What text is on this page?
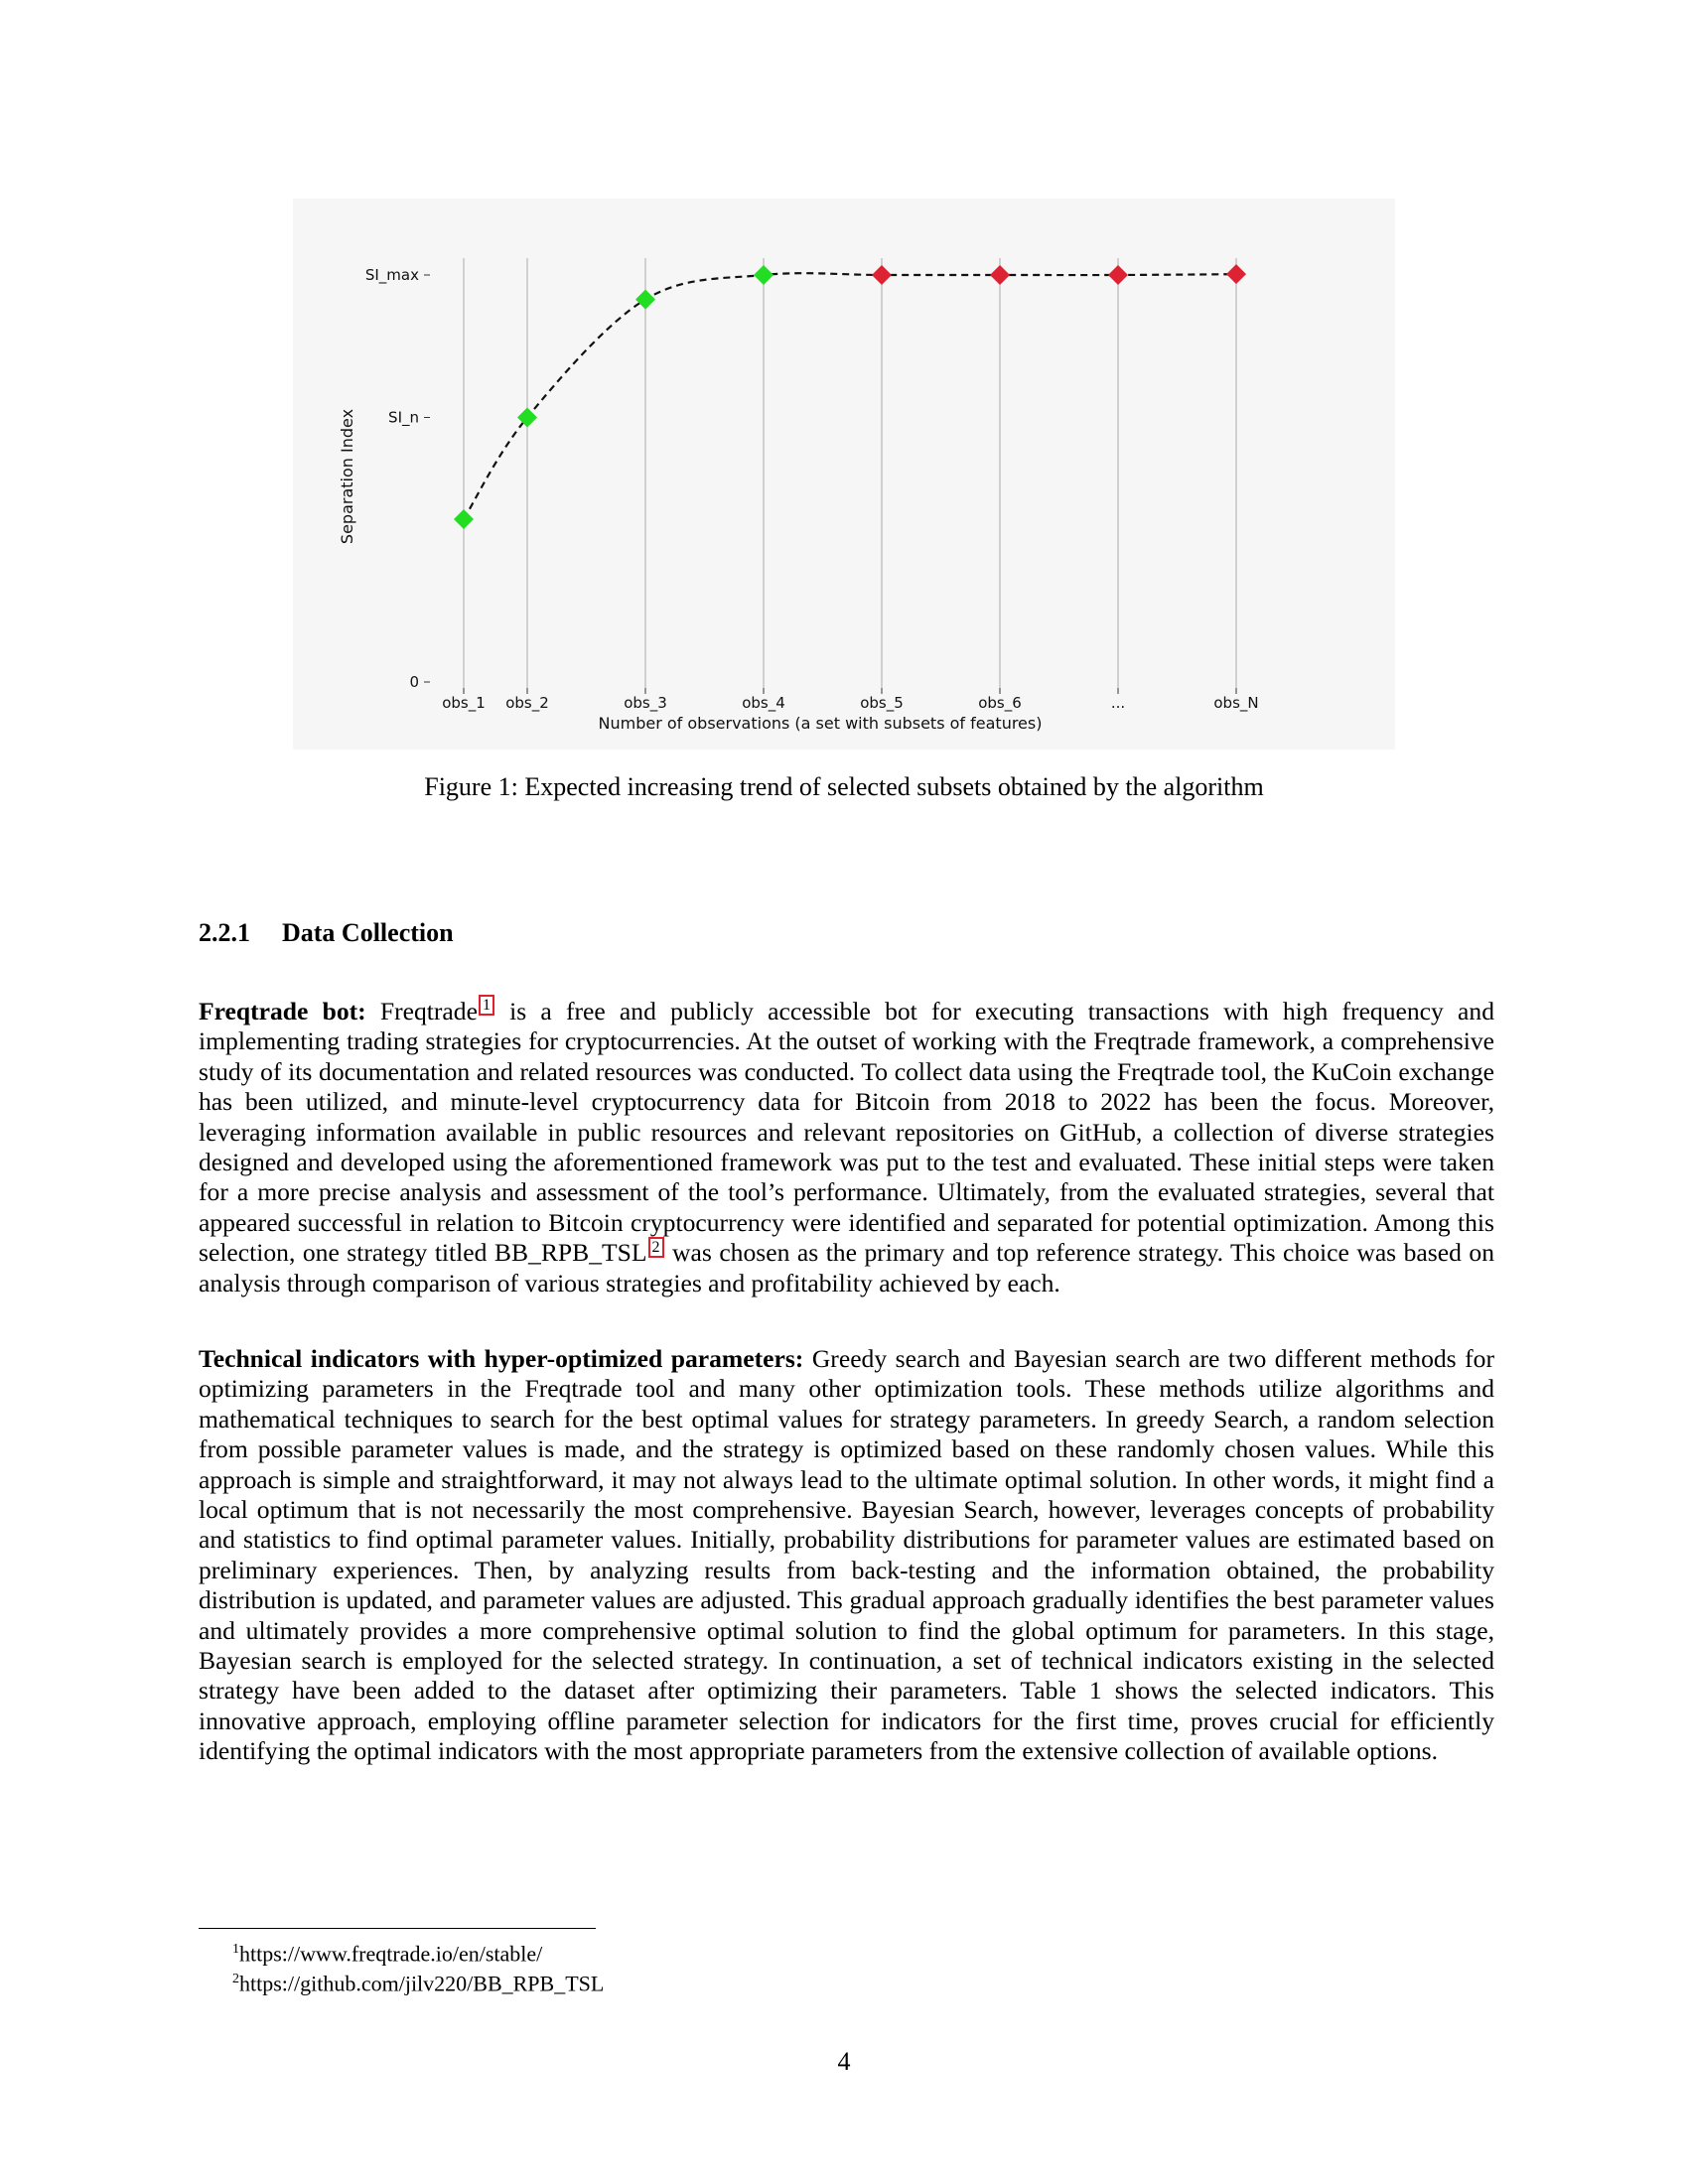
0
SI_n
SI_max
obs_1 obs_2	obs_3	obs_4	obs_5	obs_6	...	obs_N
Number of observations (a set with subsets of features)
Separation Index
Figure 1: Expected increasing trend of selected subsets obtained by the algorithm
2.2.1 Data Collection

Freqtrade bot: Freqtrade $^1$ is a free and publicly accessible bot for executing transactions with high frequency and implementing trading strategies for cryptocurrencies. At the outset of working with the Freqtrade framework, a comprehensive study of its documentation and related resources was conducted. To collect data using the Freqtrade tool, the KuCoin exchange has been utilized, and minute-level cryptocurrency data for Bitcoin from 2018 to 2022 has been the focus. Moreover, leveraging information available in public resources and relevant repositories on GitHub, a collection of diverse strategies designed and developed using the aforementioned framework was put to the test and evaluated. These initial steps were taken for a more precise analysis and assessment of the tool’s performance. Ultimately, from the evaluated strategies, several that appeared successful in relation to Bitcoin cryptocurrency were identified and separated for potential optimization. Among this selection, one strategy titled BB_RPB_TSL $^2$ was chosen as the primary and top reference strategy. This choice was based on analysis through comparison of various strategies and profitability achieved by each.

Technical indicators with hyper-optimized parameters: Greedy search and Bayesian search are two different methods for optimizing parameters in the Freqtrade tool and many other optimization tools. These methods utilize algorithms and mathematical techniques to search for the best optimal values for strategy parameters. In greedy Search, a random selection from possible parameter values is made, and the strategy is optimized based on these randomly chosen values. While this approach is simple and straightforward, it may not always lead to the ultimate optimal solution. In other words, it might find a local optimum that is not necessarily the most comprehensive. Bayesian Search, however, leverages concepts of probability and statistics to find optimal parameter values. Initially, probability distributions for parameter values are estimated based on preliminary experiences. Then, by analyzing results from back-testing and the information obtained, the probability distribution is updated, and parameter values are adjusted. This gradual approach gradually identifies the best parameter values and ultimately provides a more comprehensive optimal solution to find the global optimum for parameters. In this stage, Bayesian search is employed for the selected strategy. In continuation, a set of technical indicators existing in the selected strategy have been added to the dataset after optimizing their parameters. Table 1 shows the selected indicators. This innovative approach, employing offline parameter selection for indicators for the first time, proves crucial for efficiently identifying the optimal indicators with the most appropriate parameters from the extensive collection of available options.

$^1$https://www.freqtrade.io/en/stable/
$^2$https://github.com/jilv220/BB_RPB_TSL
4
